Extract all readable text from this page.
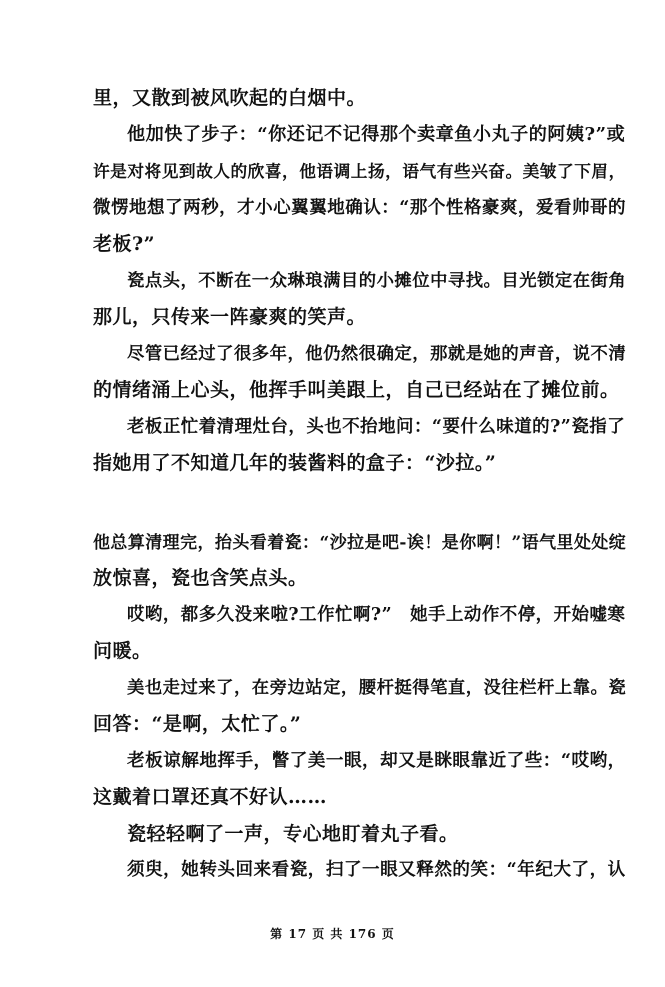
里，又散到被风吹起的白烟中。
他加快了步子：“你还记不记得那个卖章鱼小丸子的阿姨?”或
许是对将见到故人的欣喜，他语调上扬，语气有些兴奋。美皱了下眉，
微愣地想了两秒，才小心翼翼地确认：“那个性格豪爽，爱看帅哥的
老板?”
瓷点头，不断在一众琳琅满目的小摊位中寻找。目光锁定在街角
那儿，只传来一阵豪爽的笑声。
尽管已经过了很多年，他仍然很确定，那就是她的声音，说不清
的情绪涌上心头，他挥手叫美跟上，自己已经站在了摊位前。
老板正忙着清理灶台，头也不抬地问：“要什么味道的?”瓷指了
指她用了不知道几年的装酱料的盒子：“沙拉。”
他总算清理完，抬头看着瓷：“沙拉是吧-诶！是你啊！”语气里处处绽
放惊喜，瓷也含笑点头。
哎哟，都多久没来啦?工作忙啊?”　她手上动作不停，开始嘘寒
问暖。
美也走过来了，在旁边站定，腰杆挺得笔直，没往栏杆上靠。瓷
回答：“是啊，太忙了。”
老板谅解地挥手，瞥了美一眼，却又是眯眼靠近了些：“哎哟，
这戴着口罩还真不好认……
瓷轻轻啊了一声，专心地盯着丸子看。
须臾，她转头回来看瓷，扫了一眼又释然的笑：“年纪大了，认
第 17 页 共 176 页
